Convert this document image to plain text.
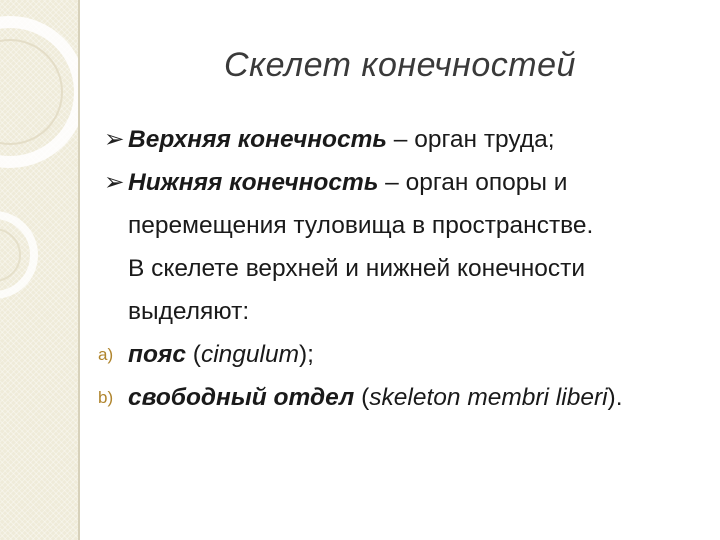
Скелет конечностей
➢ Верхняя конечность – орган труда;
➢ Нижняя конечность – орган опоры и перемещения туловища в пространстве.
В скелете верхней и нижней конечности выделяют:
a) пояс (cingulum);
b) свободный отдел (skeleton membri liberi).
